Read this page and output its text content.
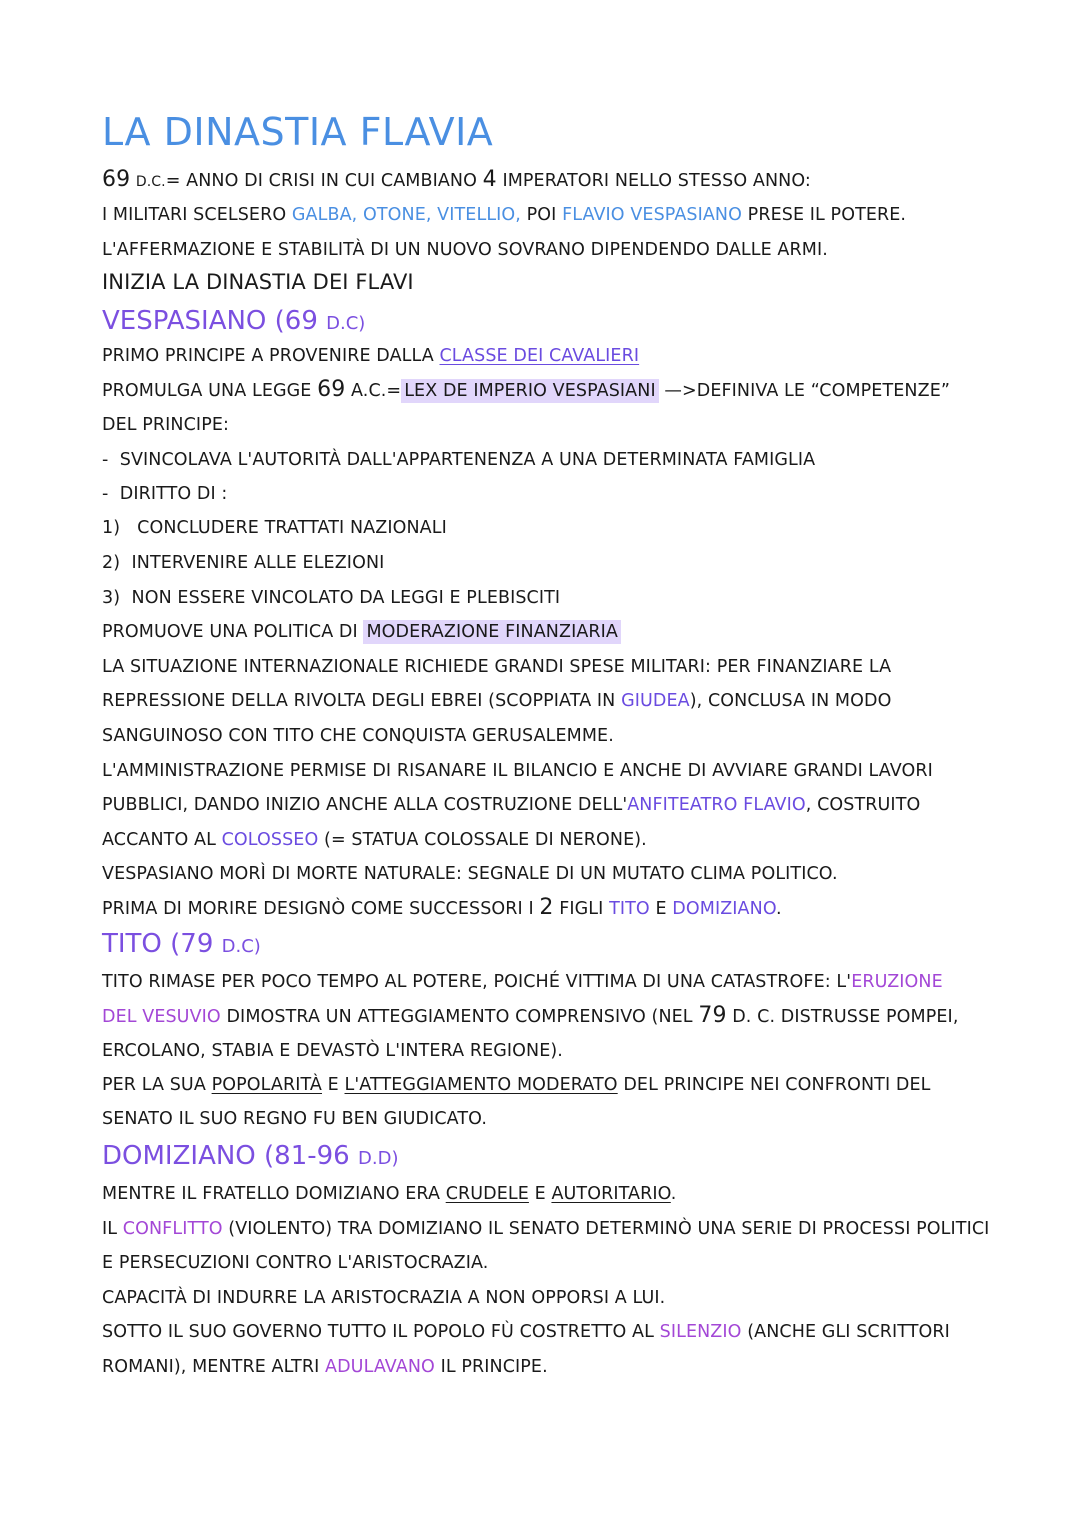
LA DINASTIA FLAVIA
69 D.C.= ANNO DI CRISI IN CUI CAMBIANO 4 IMPERATORI NELLO STESSO ANNO:
I MILITARI SCELSERO GALBA, OTONE, VITELLIO, POI FLAVIO VESPASIANO PRESE IL POTERE.
L'AFFERMAZIONE E STABILITÀ DI UN NUOVO SOVRANO DIPENDENDO DALLE ARMI.
INIZIA LA DINASTIA DEI FLAVI
VESPASIANO (69 D.C)
PRIMO PRINCIPE A PROVENIRE DALLA CLASSE DEI CAVALIERI
PROMULGA UNA LEGGE 69 A.C.= LEX DE IMPERIO VESPASIANI —>DEFINIVA LE “COMPETENZE”
DEL PRINCIPE:
-  SVINCOLAVA L'AUTORITÀ DALL'APPARTENENZA A UNA DETERMINATA FAMIGLIA
-  DIRITTO DI :
1) CONCLUDERE TRATTATI NAZIONALI
2) INTERVENIRE ALLE ELEZIONI
3) NON ESSERE VINCOLATO DA LEGGI E PLEBISCITI
PROMUOVE UNA POLITICA DI MODERAZIONE FINANZIARIA
LA SITUAZIONE INTERNAZIONALE RICHIEDE GRANDI SPESE MILITARI: PER FINANZIARE LA
REPRESSIONE DELLA RIVOLTA DEGLI EBREI (SCOPPIATA IN GIUDEA), CONCLUSA IN MODO
SANGUINOSO CON TITO CHE CONQUISTA GERUSALEMME.
L'AMMINISTRAZIONE PERMISE DI RISANARE IL BILANCIO E ANCHE DI AVVIARE GRANDI LAVORI
PUBBLICI, DANDO INIZIO ANCHE ALLA COSTRUZIONE DELL'ANFITEATRO FLAVIO, COSTRUITO
ACCANTO AL COLOSSEO (= STATUA COLOSSALE DI NERONE).
VESPASIANO MORÌ DI MORTE NATURALE: SEGNALE DI UN MUTATO CLIMA POLITICO.
PRIMA DI MORIRE DESIGNÒ COME SUCCESSORI I 2 FIGLI TITO E DOMIZIANO.
TITO (79 D.C)
TITO RIMASE PER POCO TEMPO AL POTERE, POICHÉ VITTIMA DI UNA CATASTROFE: L'ERUZIONE
DEL VESUVIO DIMOSTRA UN ATTEGGIAMENTO COMPRENSIVO (NEL 79 D. C. DISTRUSSE POMPEI,
ERCOLANO, STABIA E DEVASTÒ L'INTERA REGIONE).
PER LA SUA POPOLARITÀ E L'ATTEGGIAMENTO MODERATO DEL PRINCIPE NEI CONFRONTI DEL
SENATO IL SUO REGNO FU BEN GIUDICATO.
DOMIZIANO (81-96 D.D)
MENTRE IL FRATELLO DOMIZIANO ERA CRUDELE E AUTORITARIO.
IL CONFLITTO (VIOLENTO) TRA DOMIZIANO IL SENATO DETERMINÒ UNA SERIE DI PROCESSI POLITICI
E PERSECUZIONI CONTRO L'ARISTOCRAZIA.
CAPACITÀ DI INDURRE LA ARISTOCRAZIA A NON OPPORSI A LUI.
SOTTO IL SUO GOVERNO TUTTO IL POPOLO FÙ COSTRETTO AL SILENZIO (ANCHE GLI SCRITTORI
ROMANI), MENTRE ALTRI ADULAVANO IL PRINCIPE.
